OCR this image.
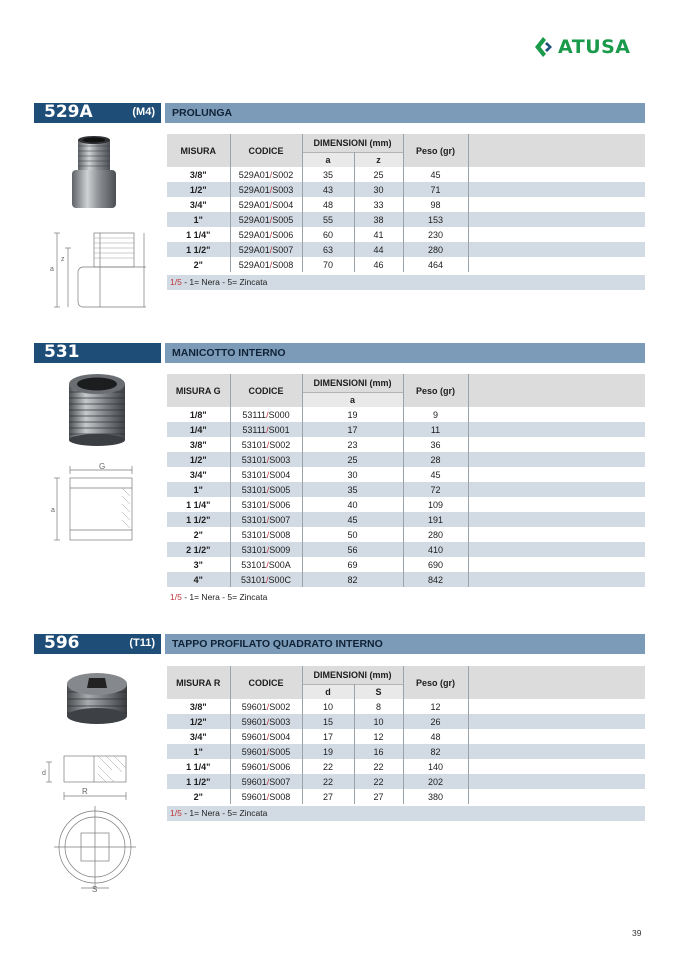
ATUSA
529A	(M4) PROLUNGA
a
z
MISURA	CODICE	DIMENSIONI (mm)		Peso (gr)	
		a	z		
3/8"	529A01/S002	35	25	45	
1/2"	529A01/S003	43	30	71	
3/4"	529A01/S004	48	33	98	
1"	529A01/S005	55	38	153	
1 1/4"	529A01/S006	60	41	230	
1 1/2"	529A01/S007	63	44	280	
2"	529A01/S008	70	46	464	
1/5 - 1= Nera - 5= Zincata
531	MANICOTTO INTERNO
G
a
MISURA G	CODICE	DIMENSIONI (mm)	Peso (gr)	
		a		
1/8"	53111/S000	19	9	
1/4"	53111/S001	17	11	
3/8"	53101/S002	23	36	
1/2"	53101/S003	25	28	
3/4"	53101/S004	30	45	
1"	53101/S005	35	72	
1 1/4"	53101/S006	40	109	
1 1/2"	53101/S007	45	191	
2"	53101/S008	50	280	
2 1/2"	53101/S009	56	410	
3"	53101/S00A	69	690	
4"	53101/S00C	82	842	
1/5 - 1= Nera - 5= Zincata
596	(T11) TAPPO PROFILATO QUADRATO INTERNO
d
R
S
MISURA R	CODICE	DIMENSIONI (mm)		Peso (gr)	
		d	S		
3/8"	59601/S002	10	8	12	
1/2"	59601/S003	15	10	26	
3/4"	59601/S004	17	12	48	
1"	59601/S005	19	16	82	
1 1/4"	59601/S006	22	22	140	
1 1/2"	59601/S007	22	22	202	
2"	59601/S008	27	27	380	
1/5 - 1= Nera - 5= Zincata
39
